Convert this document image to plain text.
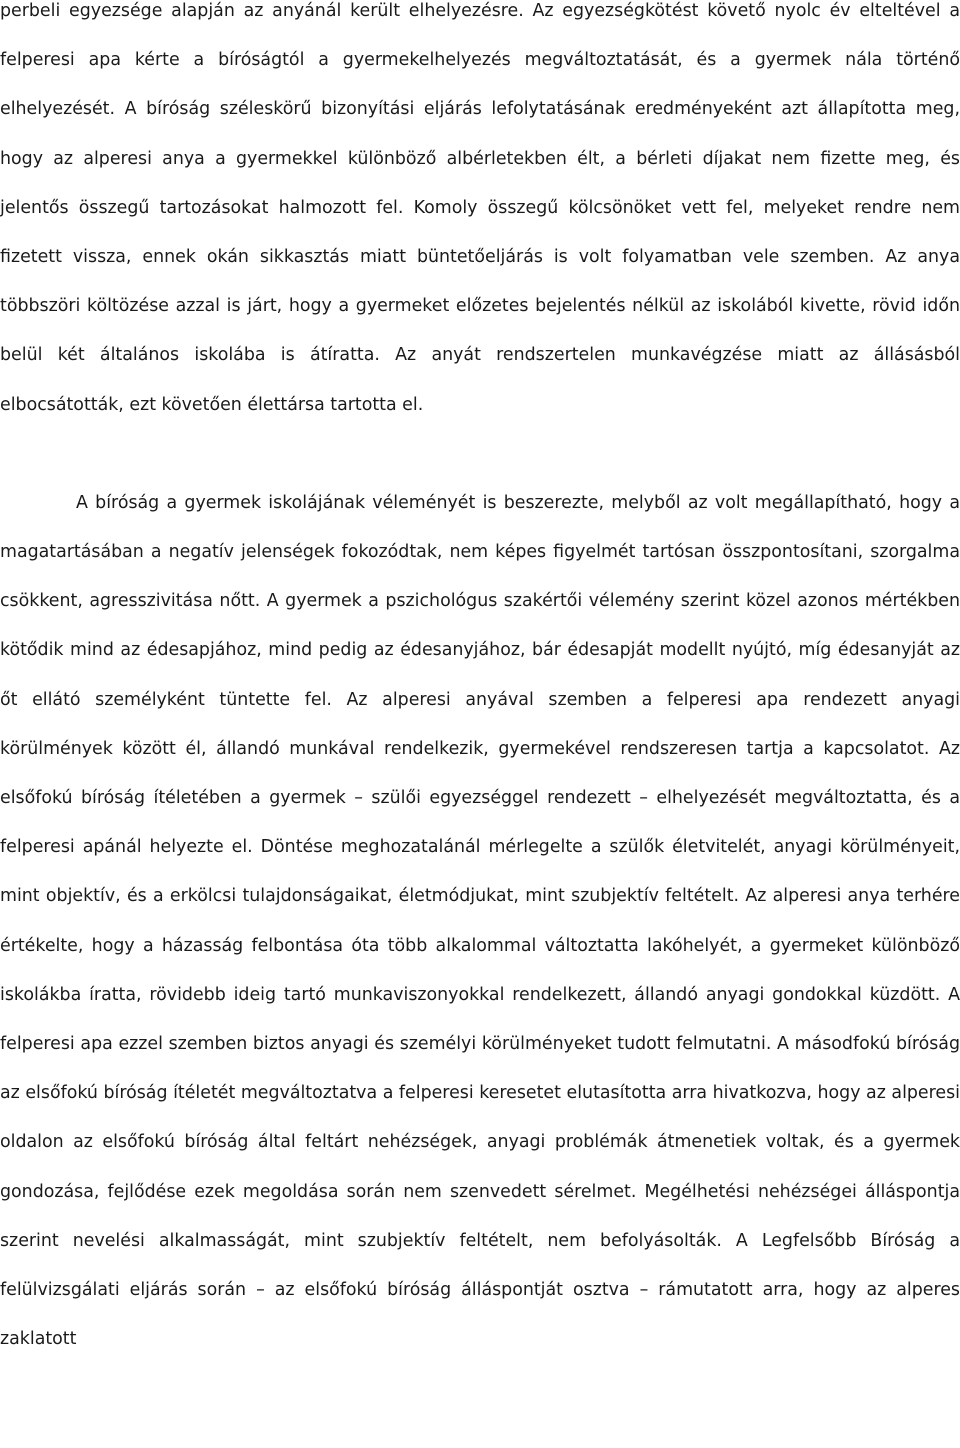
perbeli egyezsége alapján az anyánál került elhelyezésre. Az egyezségkötést követő nyolc év elteltével a felperesi apa kérte a bíróságtól a gyermekelhelyezés megváltoztatását, és a gyermek nála történő elhelyezését. A bíróság széleskörű bizonyítási eljárás lefolytatásának eredményeként azt állapította meg, hogy az alperesi anya a gyermekkel különböző albérletekben élt, a bérleti díjakat nem fizette meg, és jelentős összegű tartozásokat halmozott fel. Komoly összegű kölcsönöket vett fel, melyeket rendre nem fizetett vissza, ennek okán sikkasztás miatt büntetőeljárás is volt folyamatban vele szemben. Az anya többszöri költözése azzal is járt, hogy a gyermeket előzetes bejelentés nélkül az iskolából kivette, rövid időn belül két általános iskolába is átíratta. Az anyát rendszertelen munkavégzése miatt az állásásból elbocsátották, ezt követően élettársa tartotta el.

A bíróság a gyermek iskolájának véleményét is beszerezte, melyből az volt megállapítható, hogy a magatartásában a negatív jelenségek fokozódtak, nem képes figyelmét tartósan összpontosítani, szorgalma csökkent, agresszivitása nőtt. A gyermek a pszichológus szakértői vélemény szerint közel azonos mértékben kötődik mind az édesapjához, mind pedig az édesanyjához, bár édesapját modellt nyújtó, míg édesanyját az őt ellátó személyként tüntette fel. Az alperesi anyával szemben a felperesi apa rendezett anyagi körülmények között él, állandó munkával rendelkezik, gyermekével rendszeresen tartja a kapcsolatot. Az elsőfokú bíróság ítéletében a gyermek – szülői egyezséggel rendezett – elhelyezését megváltoztatta, és a felperesi apánál helyezte el. Döntése meghozatalánál mérlegelte a szülők életvitelét, anyagi körülményeit, mint objektív, és a erkölcsi tulajdonságaikat, életmódjukat, mint szubjektív feltételt. Az alperesi anya terhére értékelte, hogy a házasság felbontása óta több alkalommal változtatta lakóhelyét, a gyermeket különböző iskolákba íratta, rövidebb ideig tartó munkaviszonyokkal rendelkezett, állandó anyagi gondokkal küzdött. A felperesi apa ezzel szemben biztos anyagi és személyi körülményeket tudott felmutatni. A másodfokú bíróság az elsőfokú bíróság ítéletét megváltoztatva a felperesi keresetet elutasította arra hivatkozva, hogy az alperesi oldalon az elsőfokú bíróság által feltárt nehézségek, anyagi problémák átmenetiek voltak, és a gyermek gondozása, fejlődése ezek megoldása során nem szenvedett sérelmet. Megélhetési nehézségei álláspontja szerint nevelési alkalmasságát, mint szubjektív feltételt, nem befolyásolták. A Legfelsőbb Bíróság a felülvizsgálati eljárás során – az elsőfokú bíróság álláspontját osztva – rámutatott arra, hogy az alperes zaklatott
